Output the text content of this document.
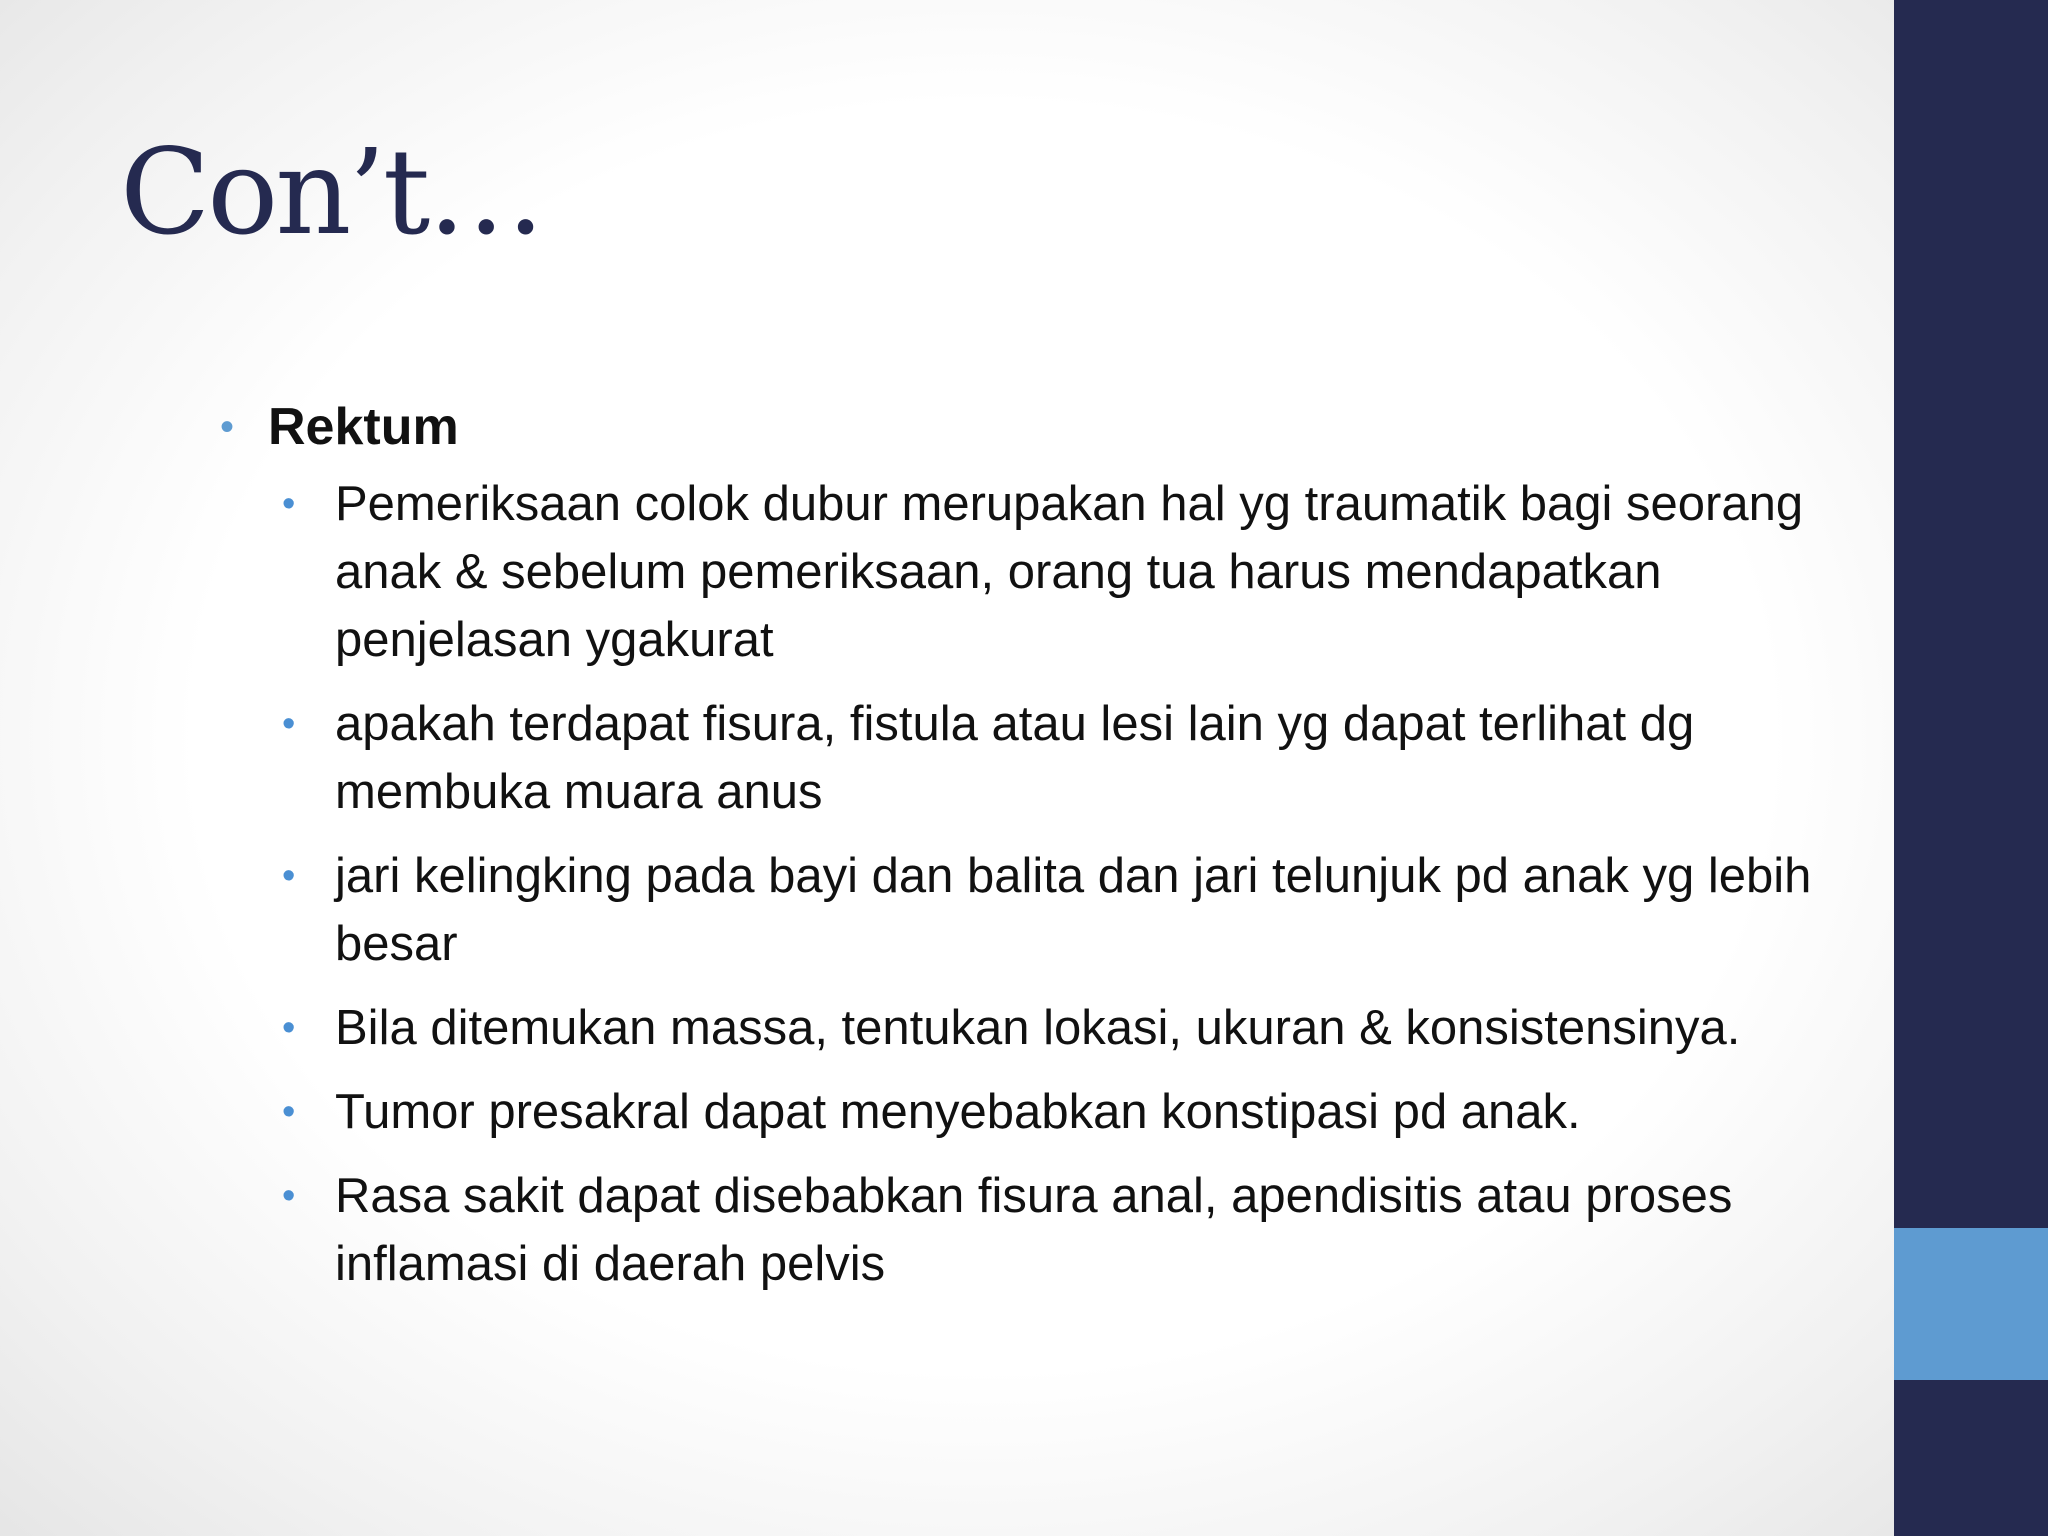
Con’t…
• Rektum
• Pemeriksaan colok dubur merupakan hal yg traumatik bagi seorang anak & sebelum pemeriksaan, orang tua harus mendapatkan penjelasan ygakurat
• apakah terdapat fisura, fistula atau lesi lain yg dapat terlihat dg membuka muara anus
• jari kelingking pada bayi dan balita dan jari telunjuk pd anak yg lebih besar
• Bila ditemukan massa, tentukan lokasi, ukuran & konsistensinya.
• Tumor presakral dapat menyebabkan konstipasi pd anak.
• Rasa sakit dapat disebabkan fisura anal, apendisitis atau proses inflamasi di daerah pelvis
